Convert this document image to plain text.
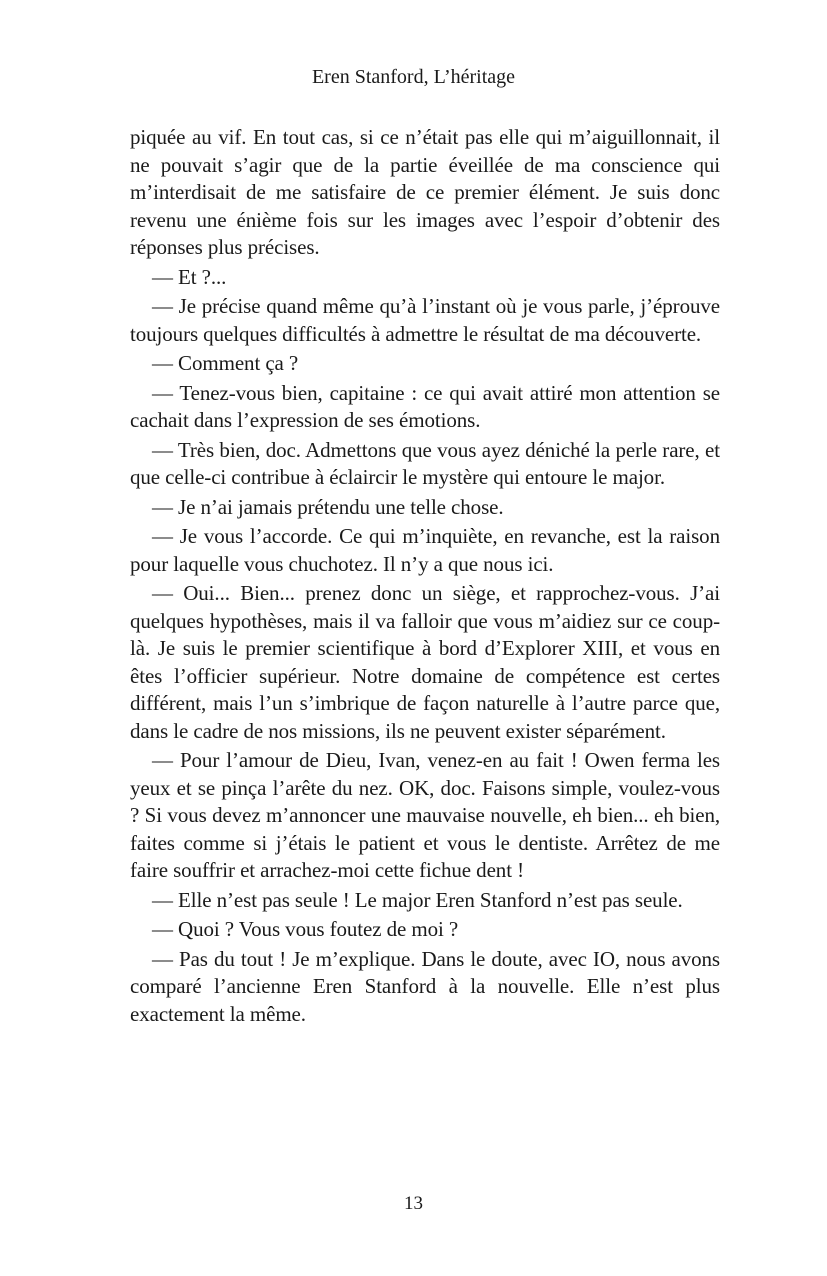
Eren Stanford, L’héritage

piquée au vif. En tout cas, si ce n’était pas elle qui m’aiguillonnait, il ne pouvait s’agir que de la partie éveillée de ma conscience qui m’interdisait de me satisfaire de ce premier élément. Je suis donc revenu une énième fois sur les images avec l’espoir d’obtenir des réponses plus précises.

— Et ?...

— Je précise quand même qu’à l’instant où je vous parle, j’éprouve toujours quelques difficultés à admettre le résultat de ma découverte.

— Comment ça ?

— Tenez-vous bien, capitaine : ce qui avait attiré mon attention se cachait dans l’expression de ses émotions.

— Très bien, doc. Admettons que vous ayez déniché la perle rare, et que celle-ci contribue à éclaircir le mystère qui entoure le major.

— Je n’ai jamais prétendu une telle chose.

— Je vous l’accorde. Ce qui m’inquiète, en revanche, est la raison pour laquelle vous chuchotez. Il n’y a que nous ici.

— Oui... Bien... prenez donc un siège, et rapprochez-vous. J’ai quelques hypothèses, mais il va falloir que vous m’aidiez sur ce coup-là. Je suis le premier scientifique à bord d’Explorer XIII, et vous en êtes l’officier supérieur. Notre domaine de compétence est certes différent, mais l’un s’imbrique de façon naturelle à l’autre parce que, dans le cadre de nos missions, ils ne peuvent exister séparément.

— Pour l’amour de Dieu, Ivan, venez-en au fait ! Owen ferma les yeux et se pinça l’arête du nez. OK, doc. Faisons simple, voulez-vous ? Si vous devez m’annoncer une mauvaise nouvelle, eh bien... eh bien, faites comme si j’étais le patient et vous le dentiste. Arrêtez de me faire souffrir et arrachez-moi cette fichue dent !

— Elle n’est pas seule ! Le major Eren Stanford n’est pas seule.

— Quoi ? Vous vous foutez de moi ?

— Pas du tout ! Je m’explique. Dans le doute, avec IO, nous avons comparé l’ancienne Eren Stanford à la nouvelle. Elle n’est plus exactement la même.

13
